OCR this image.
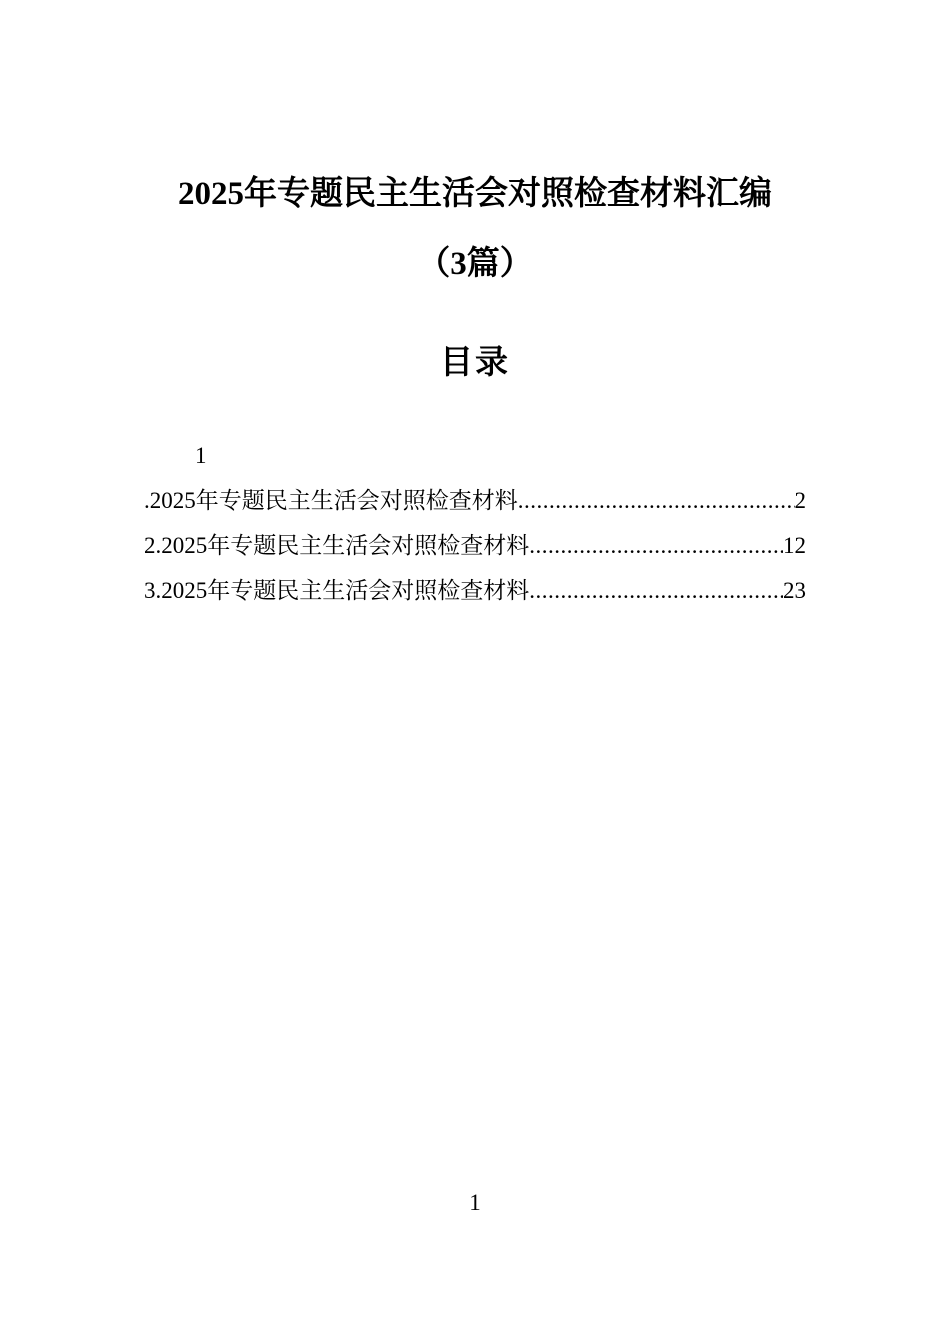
2025年专题民主生活会对照检查材料汇编
（3篇）
目录
1
.2025年专题民主生活会对照检查材料 .....	2
2.2025年专题民主生活会对照检查材料 .....	12
3.2025年专题民主生活会对照检查材料 .....	23
1
